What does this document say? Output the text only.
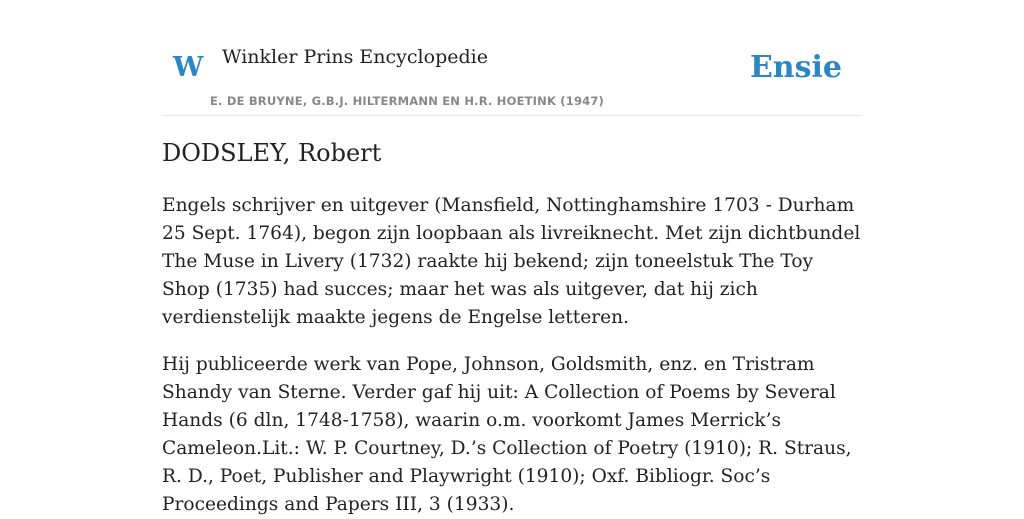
W Winkler Prins Encyclopedie
E. DE BRUYNE, G.B.J. HILTERMANN EN H.R. HOETINK (1947)
Ensie
DODSLEY, Robert

Engels schrijver en uitgever (Mansfield, Nottinghamshire 1703 - Durham 25 Sept. 1764), begon zijn loopbaan als livreiknecht. Met zijn dichtbundel The Muse in Livery (1732) raakte hij bekend; zijn toneelstuk The Toy Shop (1735) had succes; maar het was als uitgever, dat hij zich verdienstelijk maakte jegens de Engelse letteren.

Hij publiceerde werk van Pope, Johnson, Goldsmith, enz. en Tristram Shandy van Sterne. Verder gaf hij uit: A Collection of Poems by Several Hands (6 dln, 1748-1758), waarin o.m. voorkomt James Merrick’s Cameleon.Lit.: W. P. Courtney, D.’s Collection of Poetry (1910); R. Straus, R. D., Poet, Publisher and Playwright (1910); Oxf. Bibliogr. Soc’s Proceedings and Papers III, 3 (1933).
